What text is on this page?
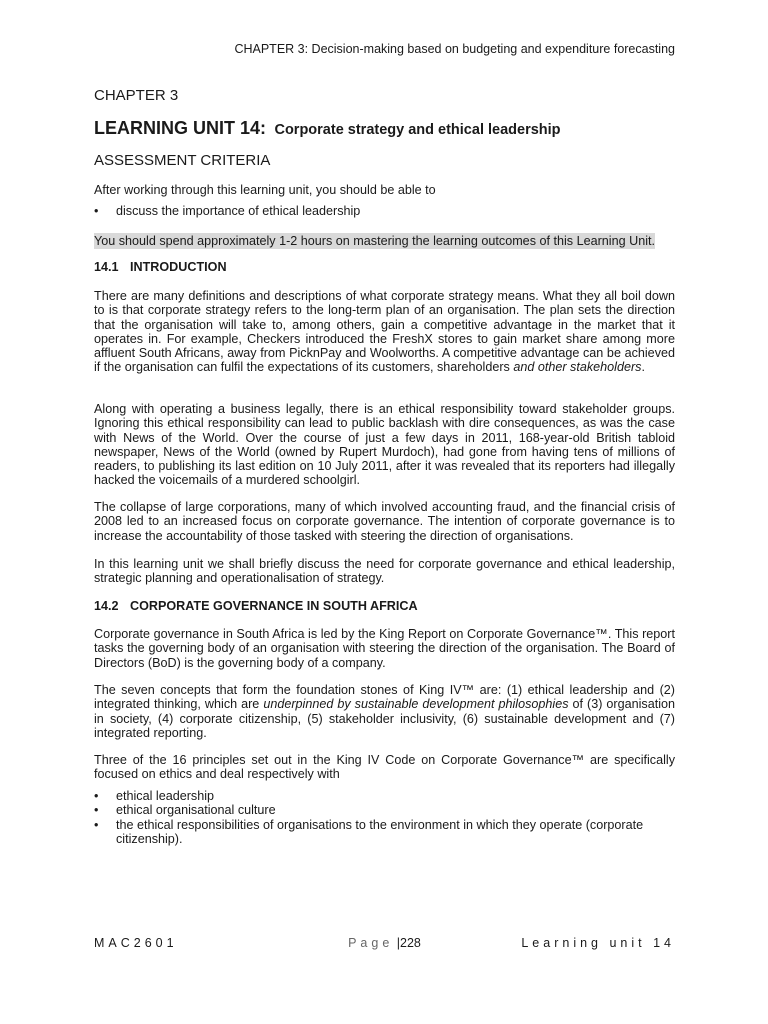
CHAPTER 3: Decision-making based on budgeting and expenditure forecasting
CHAPTER 3
LEARNING UNIT 14: Corporate strategy and ethical leadership
ASSESSMENT CRITERIA

After working through this learning unit, you should be able to

• discuss the importance of ethical leadership
You should spend approximately 1-2 hours on mastering the learning outcomes of this Learning Unit.
14.1 INTRODUCTION

There are many definitions and descriptions of what corporate strategy means. What they all boil down to is that corporate strategy refers to the long-term plan of an organisation. The plan sets the direction that the organisation will take to, among others, gain a competitive advantage in the market that it operates in. For example, Checkers introduced the FreshX stores to gain market share among more affluent South Africans, away from PicknPay and Woolworths. A competitive advantage can be achieved if the organisation can fulfil the expectations of its customers, shareholders and other stakeholders.

Along with operating a business legally, there is an ethical responsibility toward stakeholder groups. Ignoring this ethical responsibility can lead to public backlash with dire consequences, as was the case with News of the World. Over the course of just a few days in 2011, 168-year-old British tabloid newspaper, News of the World (owned by Rupert Murdoch), had gone from having tens of millions of readers, to publishing its last edition on 10 July 2011, after it was revealed that its reporters had illegally hacked the voicemails of a murdered schoolgirl.

The collapse of large corporations, many of which involved accounting fraud, and the financial crisis of 2008 led to an increased focus on corporate governance. The intention of corporate governance is to increase the accountability of those tasked with steering the direction of organisations.

In this learning unit we shall briefly discuss the need for corporate governance and ethical leadership, strategic planning and operationalisation of strategy.

14.2 CORPORATE GOVERNANCE IN SOUTH AFRICA

Corporate governance in South Africa is led by the King Report on Corporate Governance™. This report tasks the governing body of an organisation with steering the direction of the organisation. The Board of Directors (BoD) is the governing body of a company.

The seven concepts that form the foundation stones of King IV™ are: (1) ethical leadership and (2) integrated thinking, which are underpinned by sustainable development philosophies of (3) organisation in society, (4) corporate citizenship, (5) stakeholder inclusivity, (6) sustainable development and (7) integrated reporting.

Three of the 16 principles set out in the King IV Code on Corporate Governance™ are specifically focused on ethics and deal respectively with

• ethical leadership
• ethical organisational culture
• the ethical responsibilities of organisations to the environment in which they operate (corporate citizenship).
MAC2601	Page |228	Learning unit 14
